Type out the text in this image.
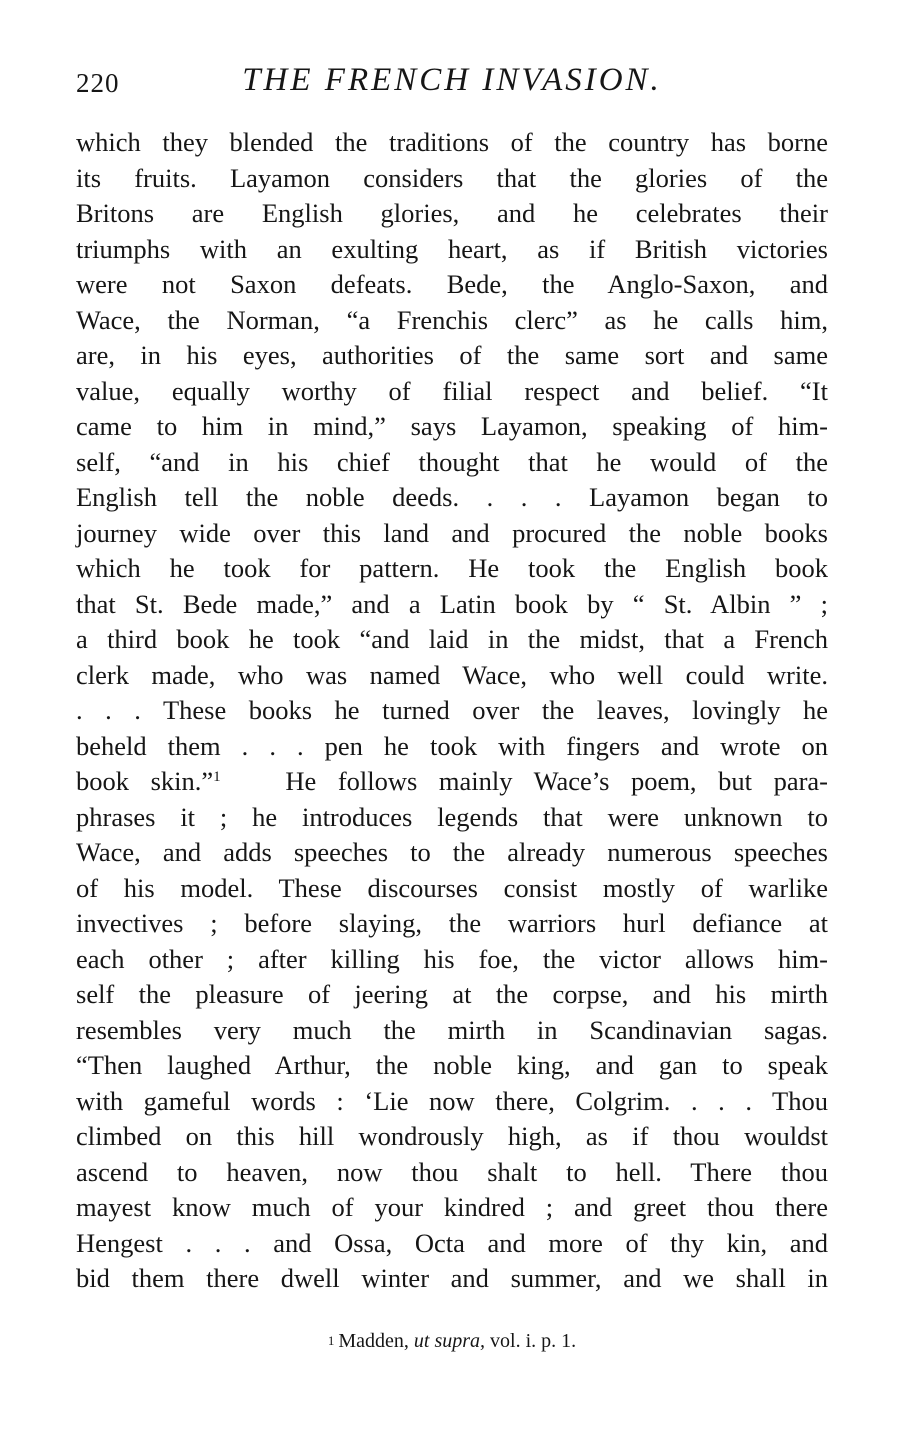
220	THE FRENCH INVASION.
which they blended the traditions of the country has borne
its fruits. Layamon considers that the glories of the
Britons are English glories, and he celebrates their
triumphs with an exulting heart, as if British victories
were not Saxon defeats. Bede, the Anglo-Saxon, and
Wace, the Norman, “a Frenchis clerc” as he calls him,
are, in his eyes, authorities of the same sort and same
value, equally worthy of filial respect and belief. “It
came to him in mind,” says Layamon, speaking of him-
self, “and in his chief thought that he would of the
English tell the noble deeds. . . . Layamon began to
journey wide over this land and procured the noble books
which he took for pattern. He took the English book
that St. Bede made,” and a Latin book by “ St. Albin ” ;
a third book he took “and laid in the midst, that a French
clerk made, who was named Wace, who well could write.
. . . These books he turned over the leaves, lovingly he
beheld them . . . pen he took with fingers and wrote on
book skin.”$^1$ He follows mainly Wace’s poem, but para-
phrases it ; he introduces legends that were unknown to
Wace, and adds speeches to the already numerous speeches
of his model. These discourses consist mostly of warlike
invectives ; before slaying, the warriors hurl defiance at
each other ; after killing his foe, the victor allows him-
self the pleasure of jeering at the corpse, and his mirth
resembles very much the mirth in Scandinavian sagas.
“Then laughed Arthur, the noble king, and gan to speak
with gameful words : ‘Lie now there, Colgrim. . . . Thou
climbed on this hill wondrously high, as if thou wouldst
ascend to heaven, now thou shalt to hell. There thou
mayest know much of your kindred ; and greet thou there
Hengest . . . and Ossa, Octa and more of thy kin, and
bid them there dwell winter and summer, and we shall in
$^1$ Madden, ut supra, vol. i. p. 1.
